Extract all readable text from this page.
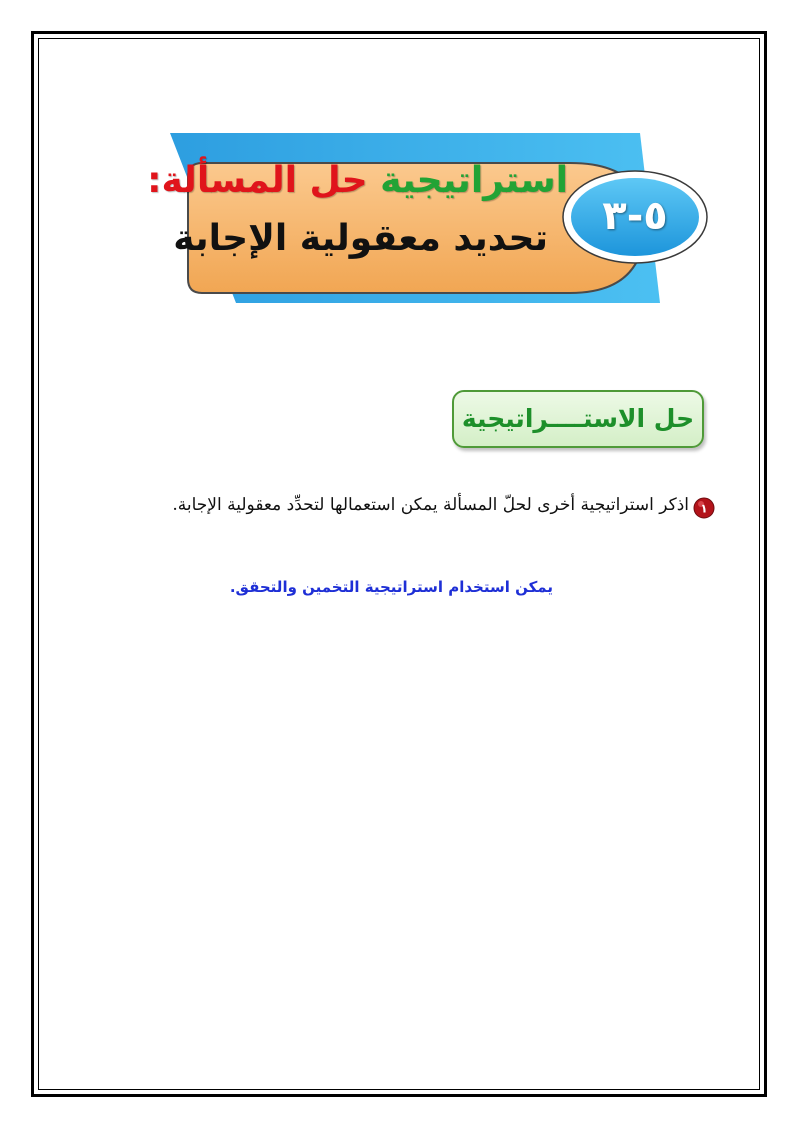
٥-٣
استراتيجية حل المسألة:
تحديد معقولية الإجابة
حل الاستــــراتيجية
١
اذكر استراتيجية أخرى لحلّ المسألة يمكن استعمالها لتحدِّد معقولية الإجابة.
يمكن استخدام استراتيجية التخمين والتحقق.
